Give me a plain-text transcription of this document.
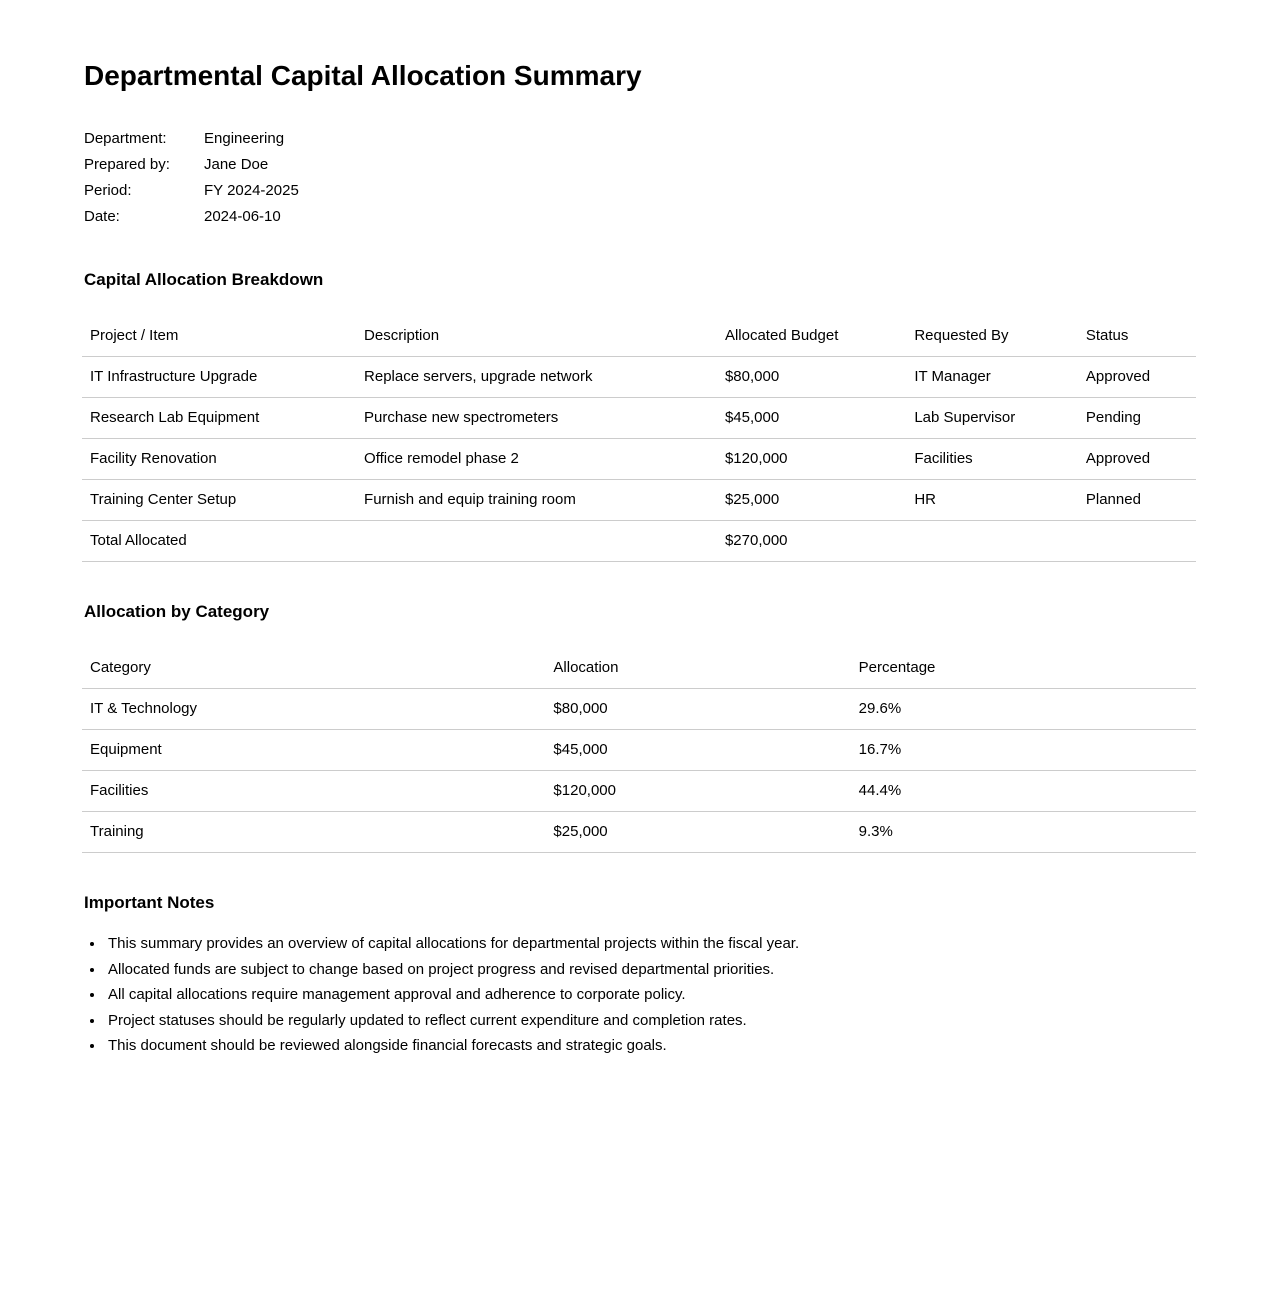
Departmental Capital Allocation Summary
Department:	Engineering
Prepared by:	Jane Doe
Period:	FY 2024-2025
Date:	2024-06-10
Capital Allocation Breakdown
Project / Item	Description	Allocated Budget	Requested By	Status
IT Infrastructure Upgrade	Replace servers, upgrade network	$80,000	IT Manager	Approved
Research Lab Equipment	Purchase new spectrometers	$45,000	Lab Supervisor	Pending
Facility Renovation	Office remodel phase 2	$120,000	Facilities	Approved
Training Center Setup	Furnish and equip training room	$25,000	HR	Planned
Total Allocated		$270,000		
Allocation by Category
Category	Allocation	Percentage
IT & Technology	$80,000	29.6%
Equipment	$45,000	16.7%
Facilities	$120,000	44.4%
Training	$25,000	9.3%
Important Notes
• This summary provides an overview of capital allocations for departmental projects within the fiscal year.
• Allocated funds are subject to change based on project progress and revised departmental priorities.
• All capital allocations require management approval and adherence to corporate policy.
• Project statuses should be regularly updated to reflect current expenditure and completion rates.
• This document should be reviewed alongside financial forecasts and strategic goals.
